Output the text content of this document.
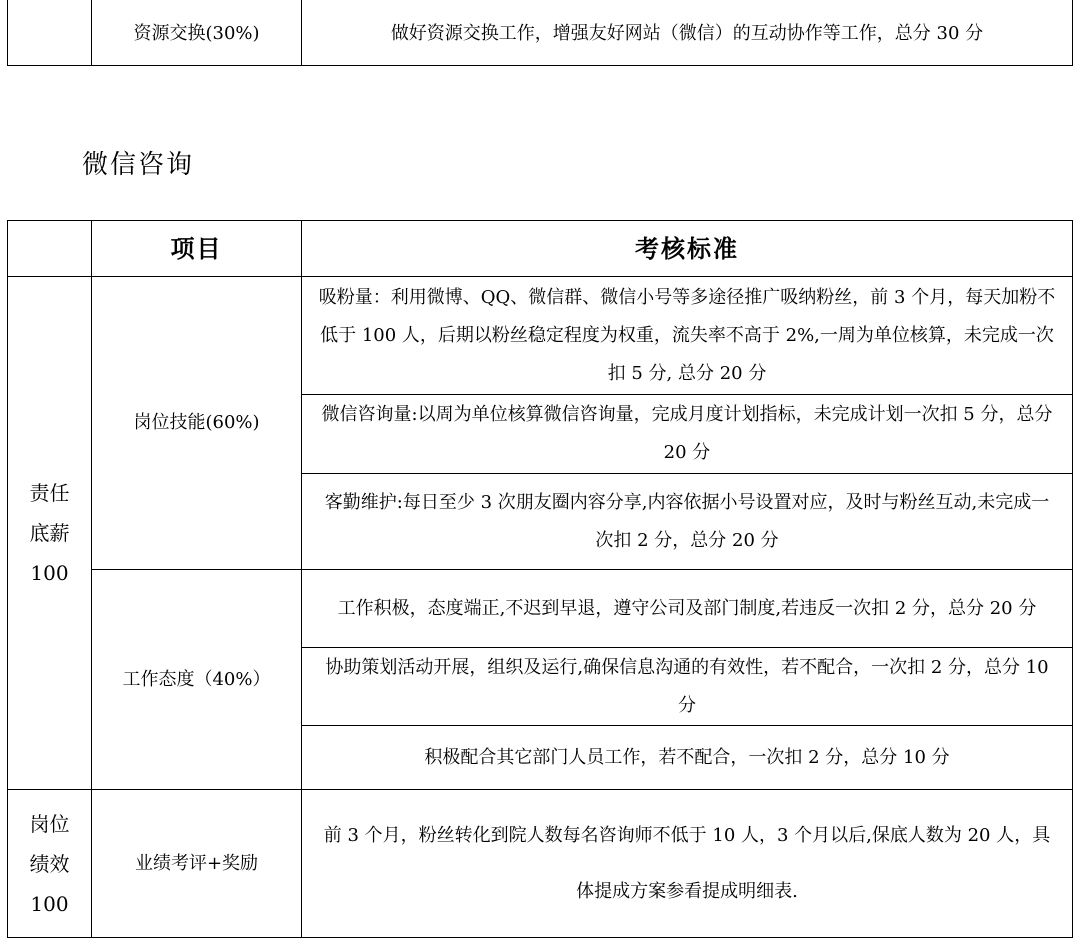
	资源交换(30%)	做好资源交换工作，增强友好网站（微信）的互动协作等工作，总分 30 分
微信咨询
	项目	考核标准

责任
底薪
100	岗位技能(60%)	吸粉量：利用微博、QQ、微信群、微信小号等多途径推广吸纳粉丝，前 3 个月，每天加粉不低于 100 人，后期以粉丝稳定程度为权重，流失率不高于 2%,一周为单位核算，未完成一次扣 5 分, 总分 20 分
		微信咨询量:以周为单位核算微信咨询量，完成月度计划指标，未完成计划一次扣 5 分，总分 20 分
		客勤维护:每日至少 3 次朋友圈内容分享,内容依据小号设置对应，及时与粉丝互动,未完成一次扣 2 分，总分 20 分
	工作态度（40%）	工作积极，态度端正,不迟到早退，遵守公司及部门制度,若违反一次扣 2 分，总分 20 分
		协助策划活动开展，组织及运行,确保信息沟通的有效性，若不配合，一次扣 2 分，总分 10 分
		积极配合其它部门人员工作，若不配合，一次扣 2 分，总分 10 分

岗位
绩效
100	业绩考评+奖励	前 3 个月，粉丝转化到院人数每名咨询师不低于 10 人，3 个月以后,保底人数为 20 人，具体提成方案参看提成明细表.
